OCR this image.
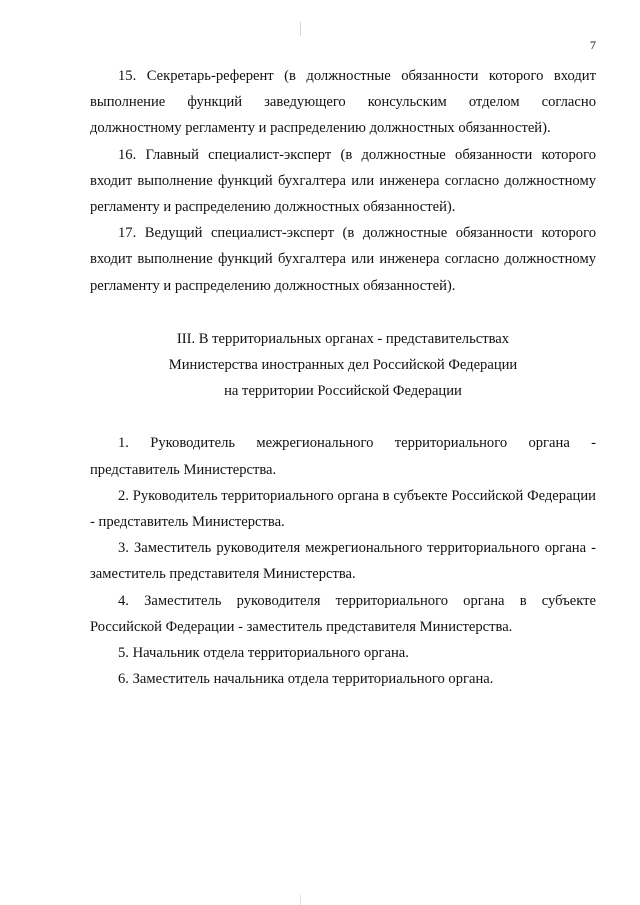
7

15. Секретарь-референт (в должностные обязанности которого входит выполнение функций заведующего консульским отделом согласно должностному регламенту и распределению должностных обязанностей).

16. Главный специалист-эксперт (в должностные обязанности которого входит выполнение функций бухгалтера или инженера согласно должностному регламенту и распределению должностных обязанностей).

17. Ведущий специалист-эксперт (в должностные обязанности которого входит выполнение функций бухгалтера или инженера согласно должностному регламенту и распределению должностных обязанностей).

III. В территориальных органах - представительствах
Министерства иностранных дел Российской Федерации
на территории Российской Федерации

1. Руководитель межрегионального территориального органа - представитель Министерства.

2. Руководитель территориального органа в субъекте Российской Федерации - представитель Министерства.

3. Заместитель руководителя межрегионального территориального органа - заместитель представителя Министерства.

4. Заместитель руководителя территориального органа в субъекте Российской Федерации - заместитель представителя Министерства.

5. Начальник отдела территориального органа.

6. Заместитель начальника отдела территориального органа.
